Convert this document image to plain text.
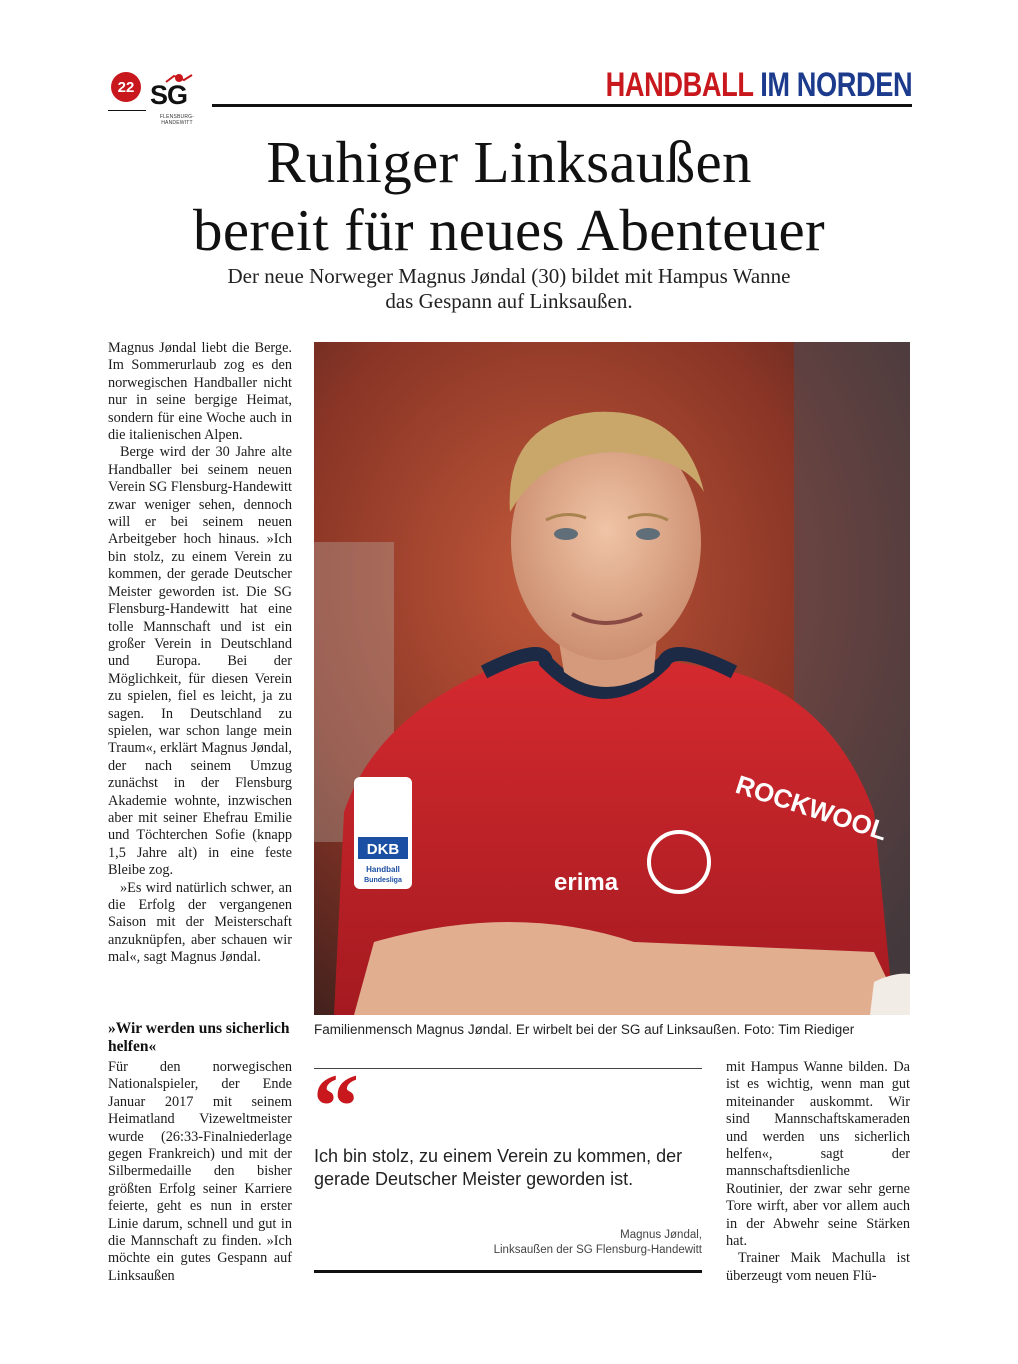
22 SG
FLENSBURG-HANDEWITT
HANDBALL IM NORDEN
Ruhiger Linksaußen
bereit für neues Abenteuer
Der neue Norweger Magnus Jøndal (30) bildet mit Hampus Wanne
das Gespann auf Linksaußen.

Magnus Jøndal liebt die Berge. Im Sommerurlaub zog es den norwegischen Handballer nicht nur in seine bergige Heimat, sondern für eine Woche auch in die italienischen Alpen.

Berge wird der 30 Jahre alte Handballer bei seinem neuen Verein SG Flensburg-Handewitt zwar weniger sehen, dennoch will er bei seinem neuen Arbeitgeber hoch hinaus. »Ich bin stolz, zu einem Verein zu kommen, der gerade Deutscher Meister geworden ist. Die SG Flensburg-Handewitt hat eine tolle Mannschaft und ist ein großer Verein in Deutschland und Europa. Bei der Möglichkeit, für diesen Verein zu spielen, fiel es leicht, ja zu sagen. In Deutschland zu spielen, war schon lange mein Traum«, erklärt Magnus Jøndal, der nach seinem Umzug zunächst in der Flensburg Akademie wohnte, inzwischen aber mit seiner Ehefrau Emilie und Töchterchen Sofie (knapp 1,5 Jahre alt) in eine feste Bleibe zog.

»Es wird natürlich schwer, an die Erfolg der vergangenen Saison mit der Meisterschaft anzuknüpfen, aber schauen wir mal«, sagt Magnus Jøndal.

»Wir werden uns sicherlich helfen«

Für den norwegischen Nationalspieler, der Ende Januar 2017 mit seinem Heimatland Vizeweltmeister wurde (26:33-Finalniederlage gegen Frankreich) und mit der Silbermedaille den bisher größten Erfolg seiner Karriere feierte, geht es nun in erster Linie darum, schnell und gut in die Mannschaft zu finden. »Ich möchte ein gutes Gespann auf Linksaußen

erima
DKB
Handball
Bundesliga
ROCKWOOL
Familienmensch Magnus Jøndal. Er wirbelt bei der SG auf Linksaußen. Foto: Tim Riediger
“
Ich bin stolz, zu einem Verein zu kommen, der gerade Deutscher Meister geworden ist.
Magnus Jøndal,
Linksaußen der SG Flensburg-Handewitt

mit Hampus Wanne bilden. Da ist es wichtig, wenn man gut miteinander auskommt. Wir sind Mannschaftskameraden und werden uns sicherlich helfen«, sagt der mannschaftsdienliche Routinier, der zwar sehr gerne Tore wirft, aber vor allem auch in der Abwehr seine Stärken hat.

Trainer Maik Machulla ist überzeugt vom neuen Flü-
